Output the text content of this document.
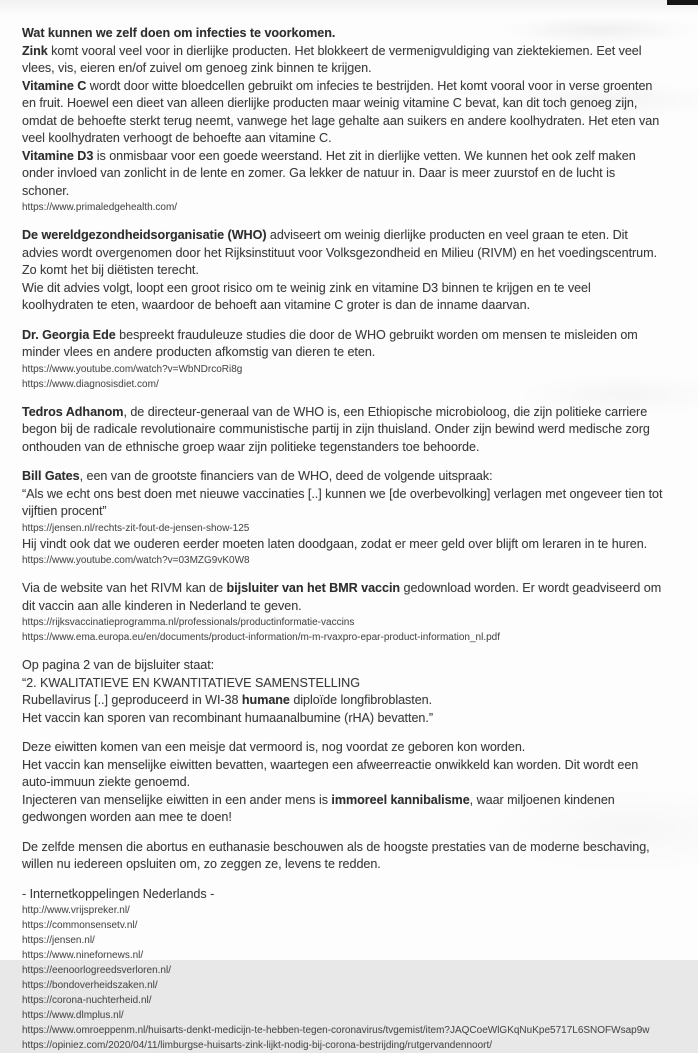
Wat kunnen we zelf doen om infecties te voorkomen.
Zink komt vooral veel voor in dierlijke producten. Het blokkeert de vermenigvuldiging van ziektekiemen. Eet veel vlees, vis, eieren en/of zuivel om genoeg zink binnen te krijgen.
Vitamine C wordt door witte bloedcellen gebruikt om infecies te bestrijden. Het komt vooral voor in verse groenten en fruit. Hoewel een dieet van alleen dierlijke producten maar weinig vitamine C bevat, kan dit toch genoeg zijn, omdat de behoefte sterkt terug neemt, vanwege het lage gehalte aan suikers en andere koolhydraten. Het eten van veel koolhydraten verhoogt de behoefte aan vitamine C.
Vitamine D3 is onmisbaar voor een goede weerstand. Het zit in dierlijke vetten. We kunnen het ook zelf maken onder invloed van zonlicht in de lente en zomer. Ga lekker de natuur in. Daar is meer zuurstof en de lucht is schoner.
https://www.primaledgehealth.com/
De wereldgezondheidsorganisatie (WHO) adviseert om weinig dierlijke producten en veel graan te eten. Dit advies wordt overgenomen door het Rijksinstituut voor Volksgezondheid en Milieu (RIVM) en het voedingscentrum. Zo komt het bij diëtisten terecht.
Wie dit advies volgt, loopt een groot risico om te weinig zink en vitamine D3 binnen te krijgen en te veel koolhydraten te eten, waardoor de behoeft aan vitamine C groter is dan de inname daarvan.
Dr. Georgia Ede bespreekt frauduleuze studies die door de WHO gebruikt worden om mensen te misleiden om minder vlees en andere producten afkomstig van dieren te eten.
https://www.youtube.com/watch?v=WbNDrcoRi8g
https://www.diagnosisdiet.com/
Tedros Adhanom, de directeur-generaal van de WHO is, een Ethiopische microbioloog, die zijn politieke carriere begon bij de radicale revolutionaire communistische partij in zijn thuisland. Onder zijn bewind werd medische zorg onthouden van de ethnische groep waar zijn politieke tegenstanders toe behoorde.
Bill Gates, een van de grootste financiers van de WHO, deed de volgende uitspraak:
“Als we echt ons best doen met nieuwe vaccinaties [..] kunnen we [de overbevolking] verlagen met ongeveer tien tot vijftien procent”
https://jensen.nl/rechts-zit-fout-de-jensen-show-125
Hij vindt ook dat we ouderen eerder moeten laten doodgaan, zodat er meer geld over blijft om leraren in te huren.
https://www.youtube.com/watch?v=03MZG9vK0W8
Via de website van het RIVM kan de bijsluiter van het BMR vaccin gedownload worden. Er wordt geadviseerd om dit vaccin aan alle kinderen in Nederland te geven.
https://rijksvaccinatieprogramma.nl/professionals/productinformatie-vaccins
https://www.ema.europa.eu/en/documents/product-information/m-m-rvaxpro-epar-product-information_nl.pdf
Op pagina 2 van de bijsluiter staat:
“2. KWALITATIEVE EN KWANTITATIEVE SAMENSTELLING
Rubellavirus [..] geproduceerd in WI-38 humane diploïde longfibroblasten.
Het vaccin kan sporen van recombinant humaanalbumine (rHA) bevatten.”
Deze eiwitten komen van een meisje dat vermoord is, nog voordat ze geboren kon worden.
Het vaccin kan menselijke eiwitten bevatten, waartegen een afweerreactie onwikkeld kan worden. Dit wordt een auto-immuun ziekte genoemd.
Injecteren van menselijke eiwitten in een ander mens is immoreel kannibalisme, waar miljoenen kindenen gedwongen worden aan mee te doen!
De zelfde mensen die abortus en euthanasie beschouwen als de hoogste prestaties van de moderne beschaving, willen nu iedereen opsluiten om, zo zeggen ze, levens te redden.
- Internetkoppelingen Nederlands -
http://www.vrijspreker.nl/
https://commonsensetv.nl/
https://jensen.nl/
https://www.ninefornews.nl/
https://eenoorlogreedsverloren.nl/
https://bondoverheidszaken.nl/
https://corona-nuchterheid.nl/
https://www.dlmplus.nl/
https://www.omroeppenm.nl/huisarts-denkt-medicijn-te-hebben-tegen-coronavirus/tvgemist/item?JAQCoeWlGKqNuKpe5717L6SNOFWsap9w
https://opiniez.com/2020/04/11/limburgse-huisarts-zink-lijkt-nodig-bij-corona-bestrijding/rutgervandennoort/
